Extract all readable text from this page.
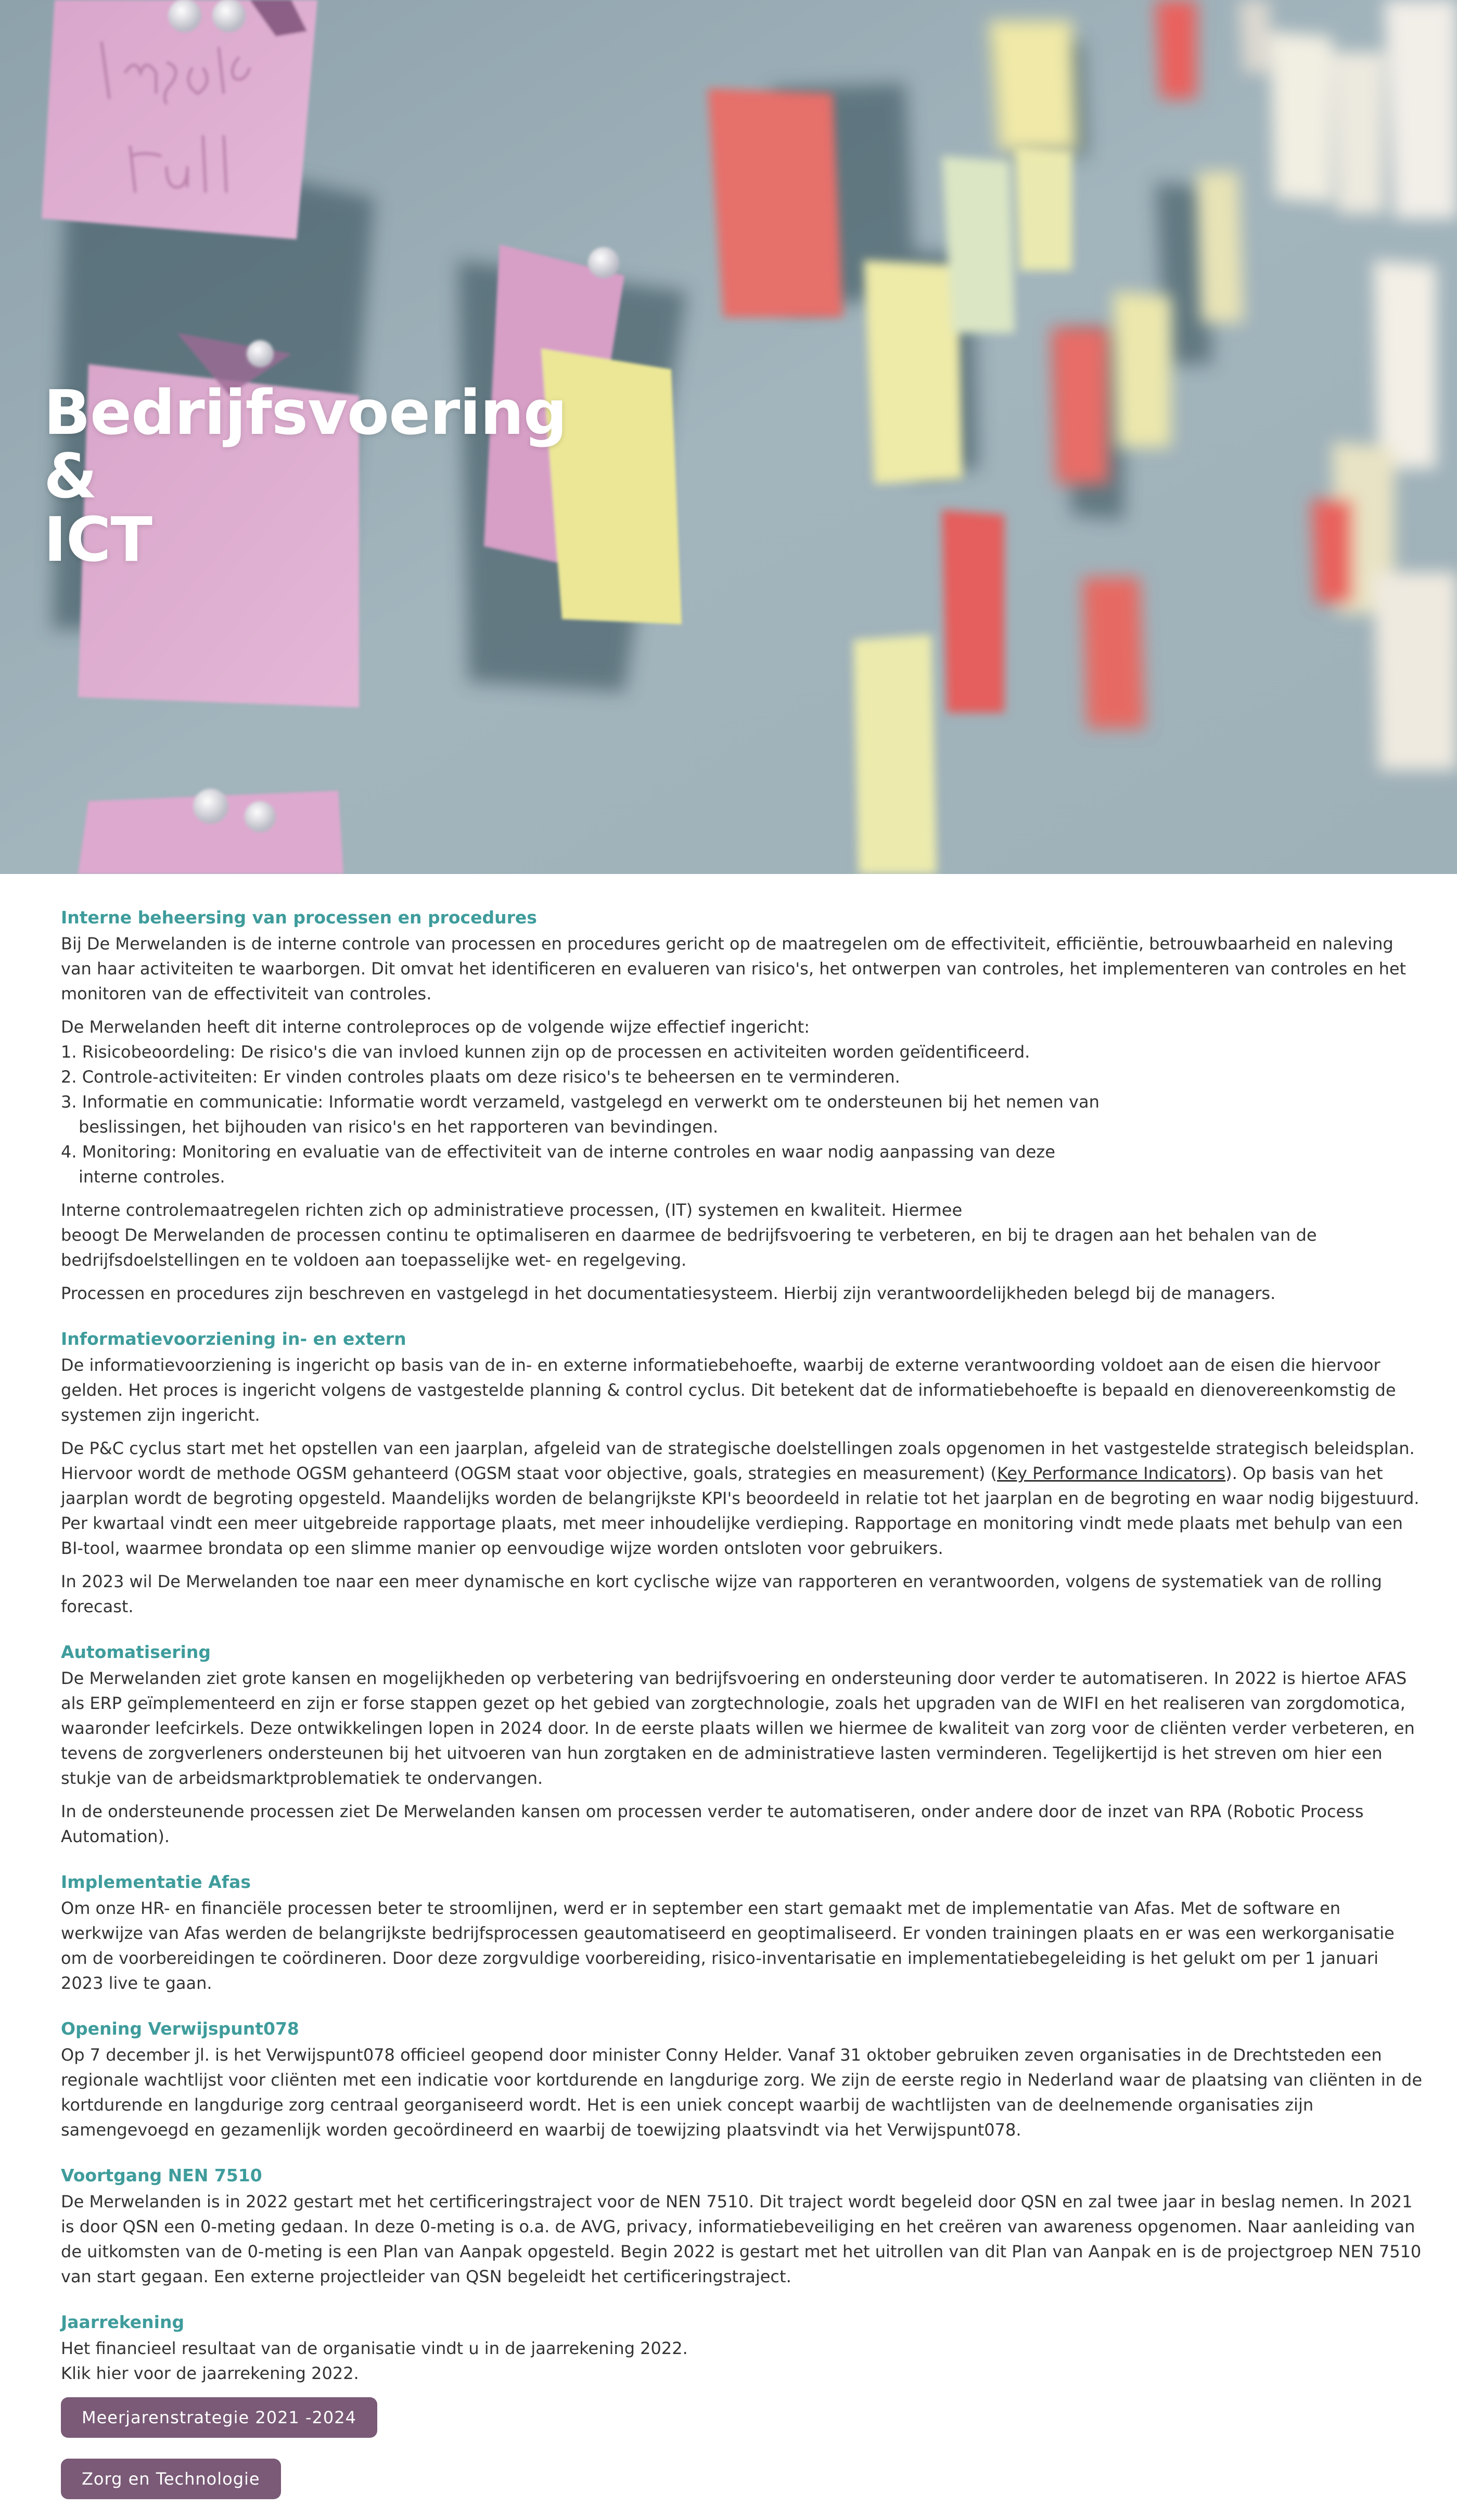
Bedrijfsvoering &
ICT
Interne beheersing van processen en procedures

Bij De Merwelanden is de interne controle van processen en procedures gericht op de maatregelen om de effectiviteit, efficiëntie, betrouwbaarheid en naleving van haar activiteiten te waarborgen. Dit omvat het identificeren en evalueren van risico's, het ontwerpen van controles, het implementeren van controles en het monitoren van de effectiviteit van controles.

De Merwelanden heeft dit interne controleproces op de volgende wijze effectief ingericht:
1. Risicobeoordeling: De risico's die van invloed kunnen zijn op de processen en activiteiten worden geïdentificeerd.
2. Controle-activiteiten: Er vinden controles plaats om deze risico's te beheersen en te verminderen.
3. Informatie en communicatie: Informatie wordt verzameld, vastgelegd en verwerkt om te ondersteunen bij het nemen van
beslissingen, het bijhouden van risico's en het rapporteren van bevindingen.
4. Monitoring: Monitoring en evaluatie van de effectiviteit van de interne controles en waar nodig aanpassing van deze
interne controles.

Interne controlemaatregelen richten zich op administratieve processen, (IT) systemen en kwaliteit. Hiermee
beoogt De Merwelanden de processen continu te optimaliseren en daarmee de bedrijfsvoering te verbeteren, en bij te dragen aan het behalen van de bedrijfsdoelstellingen en te voldoen aan toepasselijke wet- en regelgeving.

Processen en procedures zijn beschreven en vastgelegd in het documentatiesysteem. Hierbij zijn verantwoordelijkheden belegd bij de managers.

Informatievoorziening in- en extern

De informatievoorziening is ingericht op basis van de in- en externe informatiebehoefte, waarbij de externe verantwoording voldoet aan de eisen die hiervoor gelden. Het proces is ingericht volgens de vastgestelde planning & control cyclus. Dit betekent dat de informatiebehoefte is bepaald en dienovereenkomstig de systemen zijn ingericht.

De P&C cyclus start met het opstellen van een jaarplan, afgeleid van de strategische doelstellingen zoals opgenomen in het vastgestelde strategisch beleidsplan. Hiervoor wordt de methode OGSM gehanteerd (OGSM staat voor objective, goals, strategies en measurement) (Key Performance Indicators). Op basis van het jaarplan wordt de begroting opgesteld. Maandelijks worden de belangrijkste KPI's beoordeeld in relatie tot het jaarplan en de begroting en waar nodig bijgestuurd. Per kwartaal vindt een meer uitgebreide rapportage plaats, met meer inhoudelijke verdieping. Rapportage en monitoring vindt mede plaats met behulp van een BI-tool, waarmee brondata op een slimme manier op eenvoudige wijze worden ontsloten voor gebruikers.

In 2023 wil De Merwelanden toe naar een meer dynamische en kort cyclische wijze van rapporteren en verantwoorden, volgens de systematiek van de rolling forecast.

Automatisering

De Merwelanden ziet grote kansen en mogelijkheden op verbetering van bedrijfsvoering en ondersteuning door verder te automatiseren. In 2022 is hiertoe AFAS als ERP geïmplementeerd en zijn er forse stappen gezet op het gebied van zorgtechnologie, zoals het upgraden van de WIFI en het realiseren van zorgdomotica, waaronder leefcirkels. Deze ontwikkelingen lopen in 2024 door. In de eerste plaats willen we hiermee de kwaliteit van zorg voor de cliënten verder verbeteren, en tevens de zorgverleners ondersteunen bij het uitvoeren van hun zorgtaken en de administratieve lasten verminderen. Tegelijkertijd is het streven om hier een stukje van de arbeidsmarktproblematiek te ondervangen.

In de ondersteunende processen ziet De Merwelanden kansen om processen verder te automatiseren, onder andere door de inzet van RPA (Robotic Process Automation).

Implementatie Afas

Om onze HR- en financiële processen beter te stroomlijnen, werd er in september een start gemaakt met de implementatie van Afas. Met de software en werkwijze van Afas werden de belangrijkste bedrijfsprocessen geautomatiseerd en geoptimaliseerd. Er vonden trainingen plaats en er was een werkorganisatie om de voorbereidingen te coördineren. Door deze zorgvuldige voorbereiding, risico-inventarisatie en implementatiebegeleiding is het gelukt om per 1 januari 2023 live te gaan.

Opening Verwijspunt078

Op 7 december jl. is het Verwijspunt078 officieel geopend door minister Conny Helder. Vanaf 31 oktober gebruiken zeven organisaties in de Drechtsteden een regionale wachtlijst voor cliënten met een indicatie voor kortdurende en langdurige zorg. We zijn de eerste regio in Nederland waar de plaatsing van cliënten in de kortdurende en langdurige zorg centraal georganiseerd wordt. Het is een uniek concept waarbij de wachtlijsten van de deelnemende organisaties zijn samengevoegd en gezamenlijk worden gecoördineerd en waarbij de toewijzing plaatsvindt via het Verwijspunt078.

Voortgang NEN 7510

De Merwelanden is in 2022 gestart met het certificeringstraject voor de NEN 7510. Dit traject wordt begeleid door QSN en zal twee jaar in beslag nemen. In 2021 is door QSN een 0-meting gedaan. In deze 0-meting is o.a. de AVG, privacy, informatiebeveiliging en het creëren van awareness opgenomen. Naar aanleiding van de uitkomsten van de 0-meting is een Plan van Aanpak opgesteld. Begin 2022 is gestart met het uitrollen van dit Plan van Aanpak en is de projectgroep NEN 7510 van start gegaan. Een externe projectleider van QSN begeleidt het certificeringstraject.

Jaarrekening

Het financieel resultaat van de organisatie vindt u in de jaarrekening 2022.
Klik hier voor de jaarrekening 2022.

Meerjarenstrategie 2021 -2024
Zorg en Technologie
